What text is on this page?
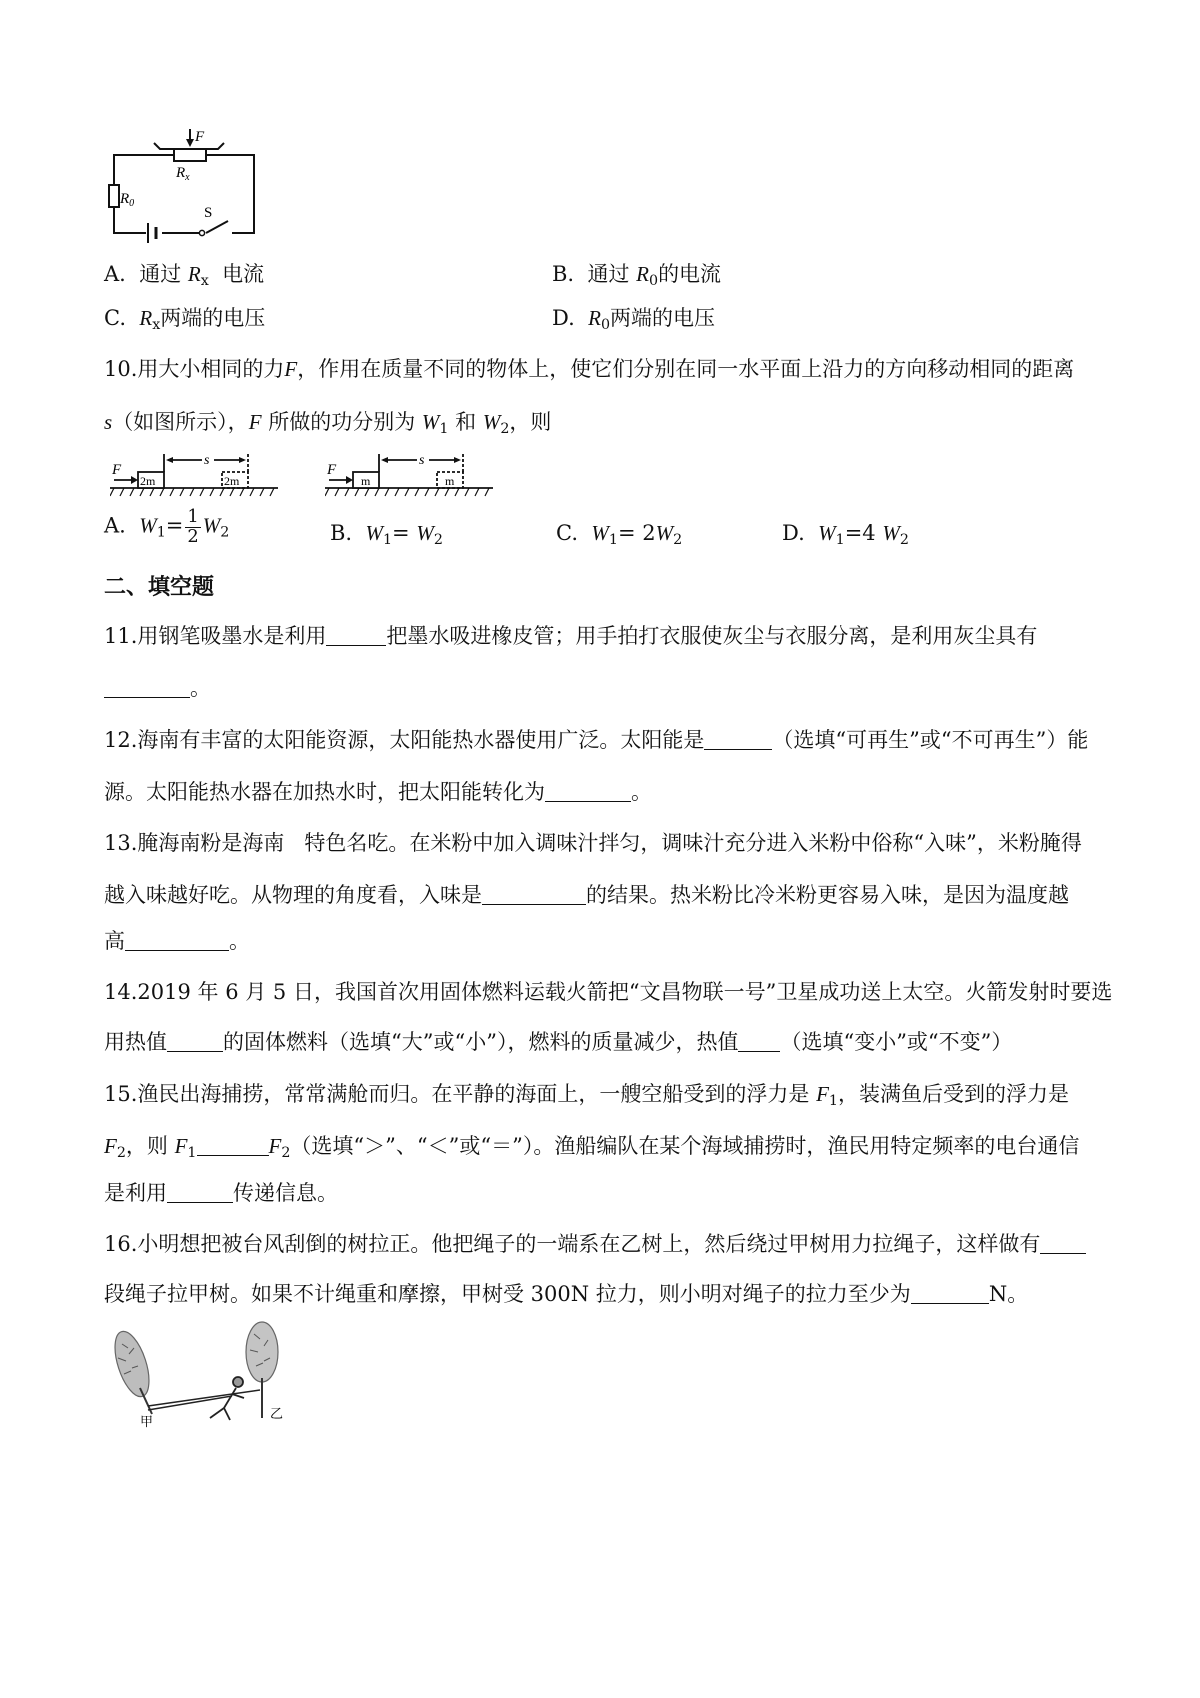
F
$R_x$
$R_0$
S
A. 通过 $R_x$  电流	B. 通过 $R_0$的电流
C. $R_x$两端的电压	D. $R_0$两端的电压
10.用大小相同的力F，作用在质量不同的物体上，使它们分别在同一水平面上沿力的方向移动相同的距离
s（如图所示），F 所做的功分别为 $W_1$ 和 $W_2$，则
F
s
2m	2m
F
s
m	m
A. $W_1= \frac{1}{2} W_2$	B. $W_1= W_2$	C. $W_1= 2W_2$	D. $W_1=4$ $W_2$
二、填空题
11.用钢笔吸墨水是利用	把墨水吸进橡皮管；用手拍打衣服使灰尘与衣服分离，是利用灰尘具有
。
12.海南有丰富的太阳能资源，太阳能热水器使用广泛。太阳能是	（选填“可再生”或“不可再生”）能
源。太阳能热水器在加热水时，把太阳能转化为	。
13.腌海南粉是海南   特色名吃。在米粉中加入调味汁拌匀，调味汁充分进入米粉中俗称“入味”，米粉腌得
越入味越好吃。从物理的角度看，入味是	的结果。热米粉比冷米粉更容易入味，是因为温度越
高	。
14.2019 年 6 月 5 日，我国首次用固体燃料运载火箭把“文昌物联一号”卫星成功送上太空。火箭发射时要选
用热值	的固体燃料（选填“大”或“小”），燃料的质量减少，热值 （选填“变小”或“不变”）
15.渔民出海捕捞，常常满舱而归。在平静的海面上，一艘空船受到的浮力是 $F_1$，装满鱼后受到的浮力是
$F_2$，则 $F_1$	$F_2$（选填“＞”、“＜”或“＝”）。渔船编队在某个海域捕捞时，渔民用特定频率的电台通信
是利用	传递信息。
16.小明想把被台风刮倒的树拉正。他把绳子的一端系在乙树上，然后绕过甲树用力拉绳子，这样做有
段绳子拉甲树。如果不计绳重和摩擦，甲树受 300N 拉力，则小明对绳子的拉力至少为	N。
甲
乙
